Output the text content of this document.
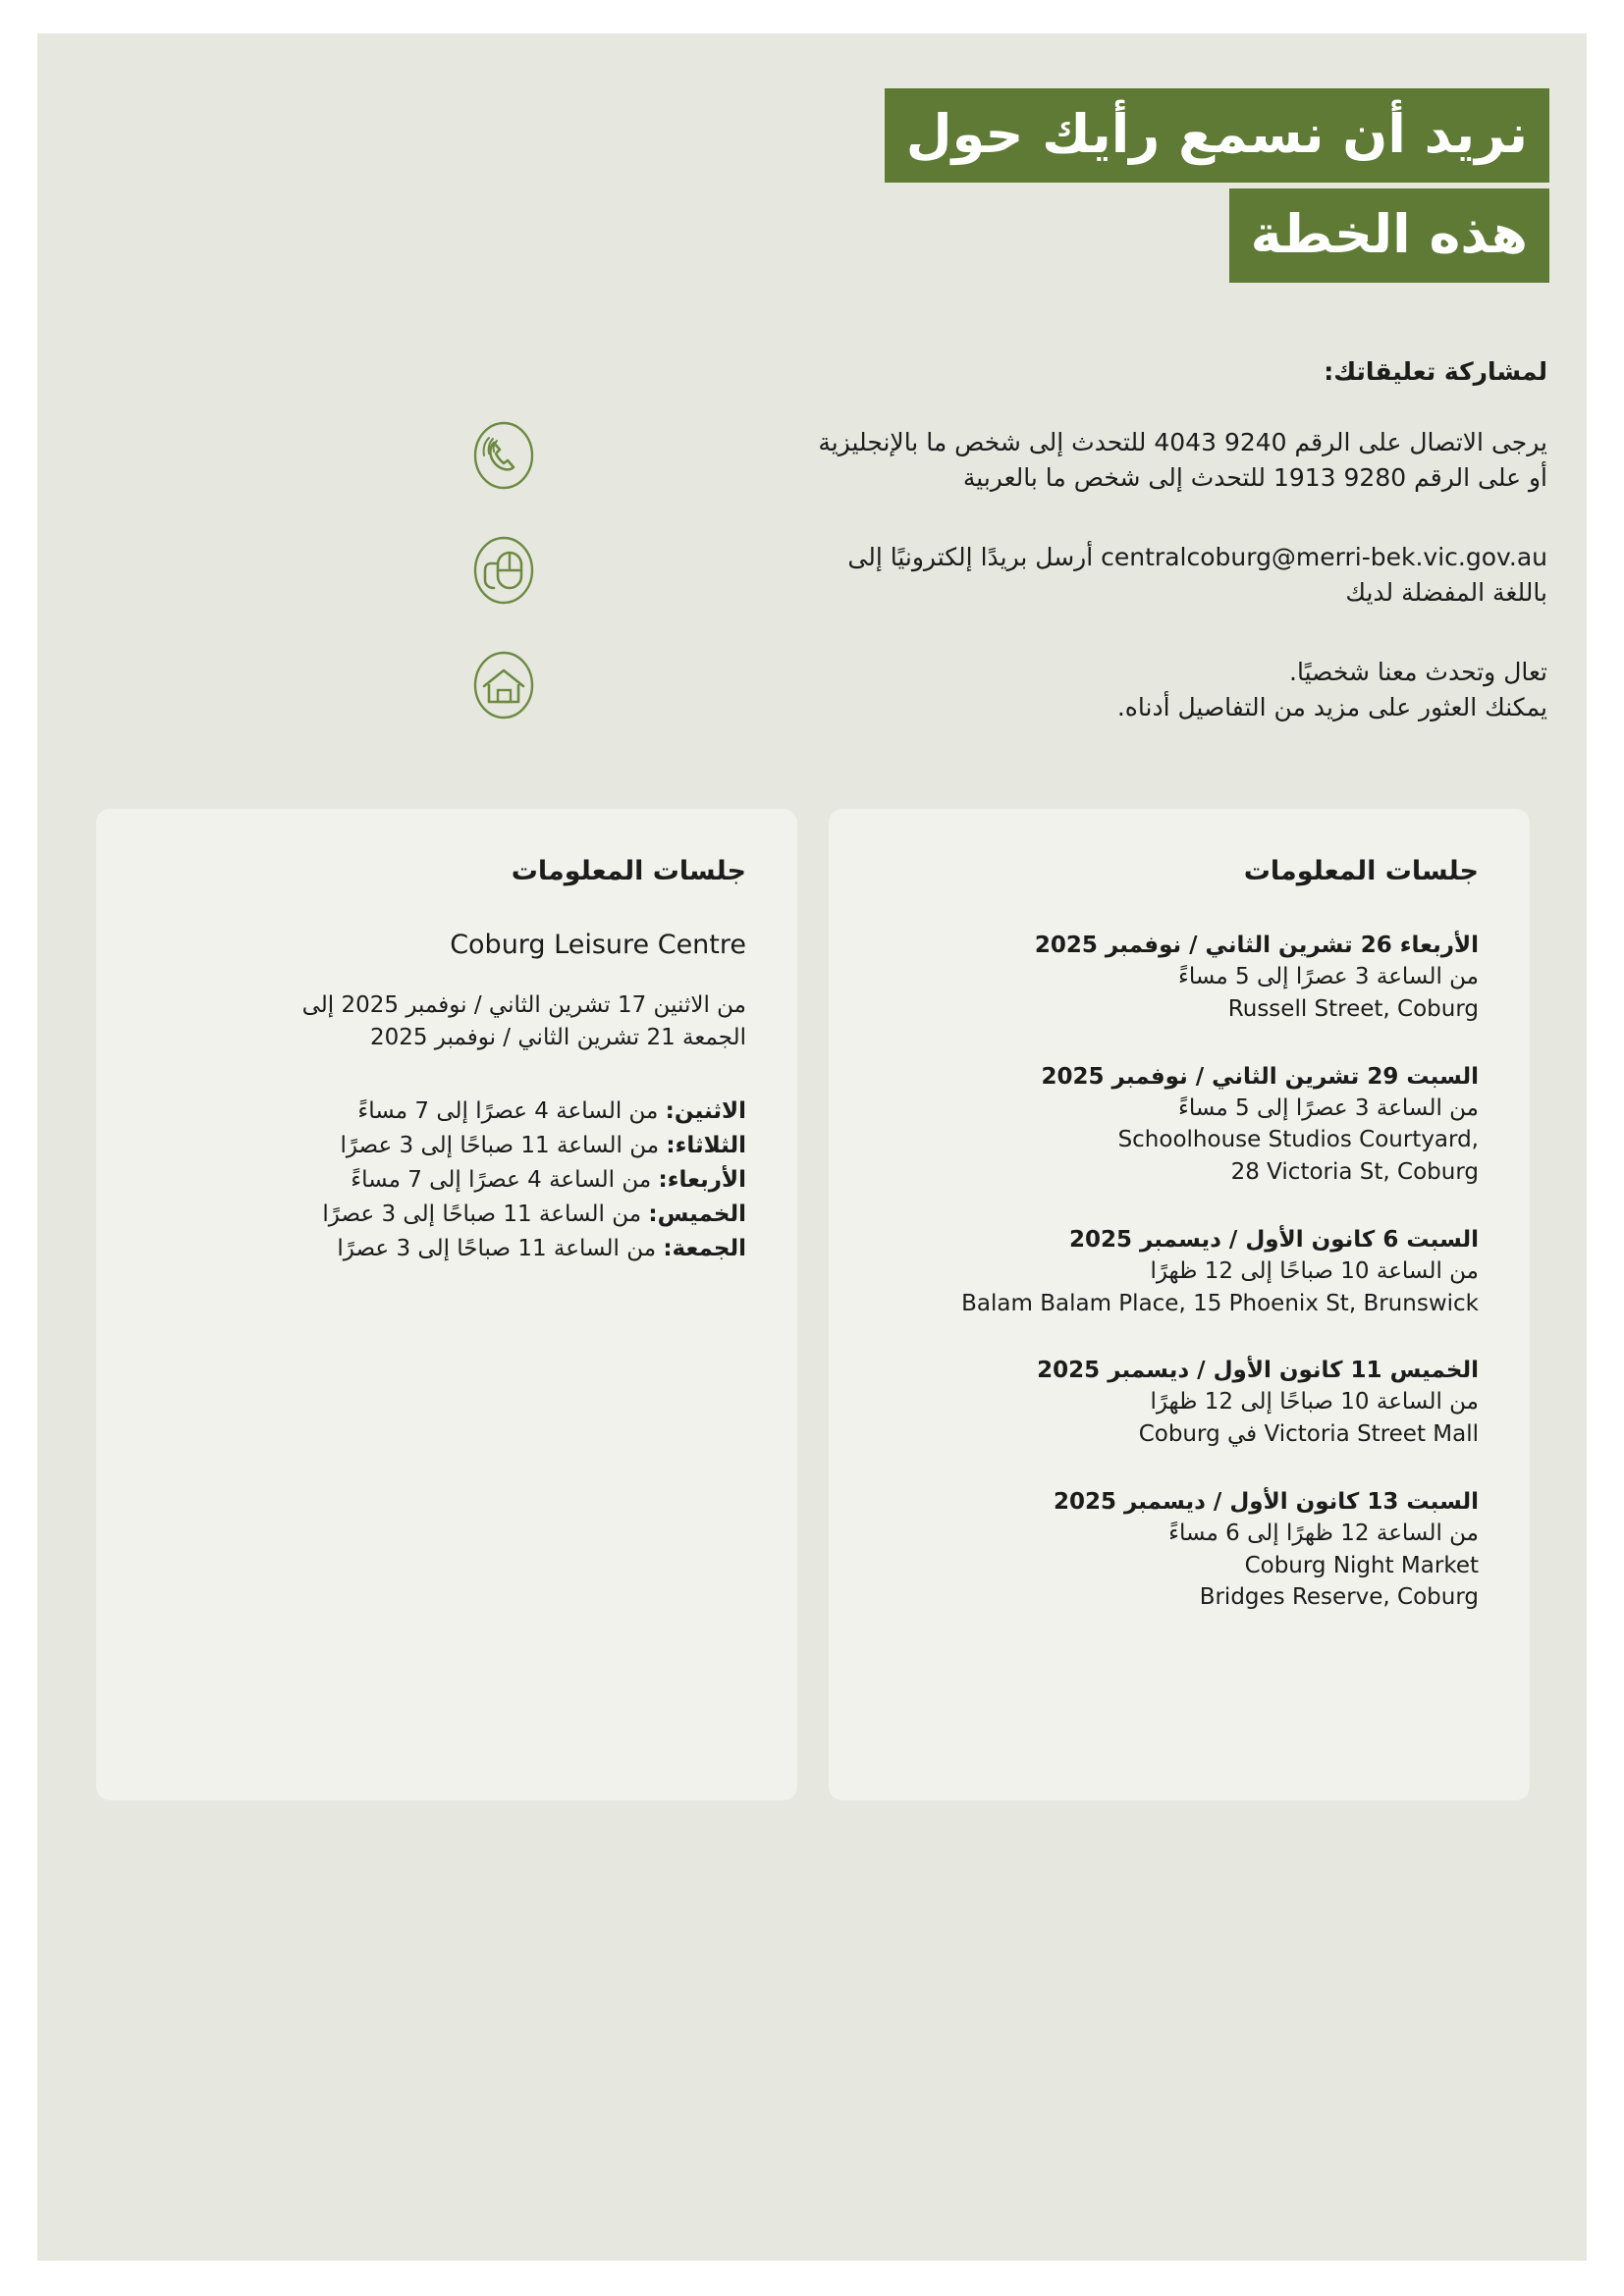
نريد أن نسمع رأيك حول
هذه الخطة
لمشاركة تعليقاتك:
يرجى الاتصال على الرقم 9240 4043 للتحدث إلى شخص ما بالإنجليزية
أو على الرقم 9280 1913 للتحدث إلى شخص ما بالعربية
centralcoburg@merri-bek.vic.gov.au أرسل بريدًا إلكترونيًا إلى
باللغة المفضلة لديك
تعال وتحدث معنا شخصيًا.
يمكنك العثور على مزيد من التفاصيل أدناه.
جلسات المعلومات
الأربعاء 26 تشرين الثاني / نوفمبر 2025
من الساعة 3 عصرًا إلى 5 مساءً
Russell Street, Coburg
السبت 29 تشرين الثاني / نوفمبر 2025
من الساعة 3 عصرًا إلى 5 مساءً
Schoolhouse Studios Courtyard,
28 Victoria St, Coburg
السبت 6 كانون الأول / ديسمبر 2025
من الساعة 10 صباحًا إلى 12 ظهرًا
Balam Balam Place, 15 Phoenix St, Brunswick
الخميس 11 كانون الأول / ديسمبر 2025
من الساعة 10 صباحًا إلى 12 ظهرًا
Victoria Street Mall في Coburg
السبت 13 كانون الأول / ديسمبر 2025
من الساعة 12 ظهرًا إلى 6 مساءً
Coburg Night Market
Bridges Reserve, Coburg
جلسات المعلومات
Coburg Leisure Centre
من الاثنين 17 تشرين الثاني / نوفمبر 2025 إلى
الجمعة 21 تشرين الثاني / نوفمبر 2025
الاثنين: من الساعة 4 عصرًا إلى 7 مساءً
الثلاثاء: من الساعة 11 صباحًا إلى 3 عصرًا
الأربعاء: من الساعة 4 عصرًا إلى 7 مساءً
الخميس: من الساعة 11 صباحًا إلى 3 عصرًا
الجمعة: من الساعة 11 صباحًا إلى 3 عصرًا
